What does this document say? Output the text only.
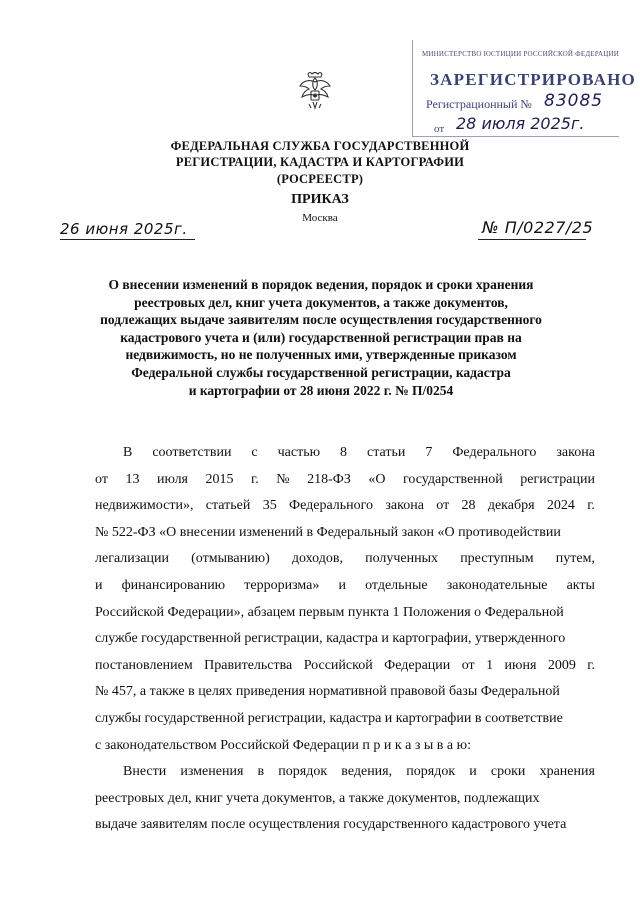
МИНИСТЕРСТВО ЮСТИЦИИ РОССИЙСКОЙ ФЕДЕРАЦИИ
ЗАРЕГИСТРИРОВАНО
Регистрационный № 83085
от 28 июля 2025г.
ФЕДЕРАЛЬНАЯ СЛУЖБА ГОСУДАРСТВЕННОЙ
РЕГИСТРАЦИИ, КАДАСТРА И КАРТОГРАФИИ
(РОСРЕЕСТР)
ПРИКАЗ
Москва
26 июня 2025г.	№ П/0227/25
О внесении изменений в порядок ведения, порядок и сроки хранения
реестровых дел, книг учета документов, а также документов,
подлежащих выдаче заявителям после осуществления государственного
кадастрового учета и (или) государственной регистрации прав на
недвижимость, но не полученных ими, утвержденные приказом
Федеральной службы государственной регистрации, кадастра
и картографии от 28 июня 2022 г. № П/0254
В соответствии с частью 8 статьи 7 Федерального закона
от 13 июля 2015 г. № 218-ФЗ «О государственной регистрации
недвижимости», статьей 35 Федерального закона от 28 декабря 2024 г.
№ 522-ФЗ «О внесении изменений в Федеральный закон «О противодействии
легализации (отмыванию) доходов, полученных преступным путем,
и финансированию терроризма» и отдельные законодательные акты
Российской Федерации», абзацем первым пункта 1 Положения о Федеральной
службе государственной регистрации, кадастра и картографии, утвержденного
постановлением Правительства Российской Федерации от 1 июня 2009 г.
№ 457, а также в целях приведения нормативной правовой базы Федеральной
службы государственной регистрации, кадастра и картографии в соответствие
с законодательством Российской Федерации п р и к а з ы в а ю:
Внести изменения в порядок ведения, порядок и сроки хранения
реестровых дел, книг учета документов, а также документов, подлежащих
выдаче заявителям после осуществления государственного кадастрового учета
